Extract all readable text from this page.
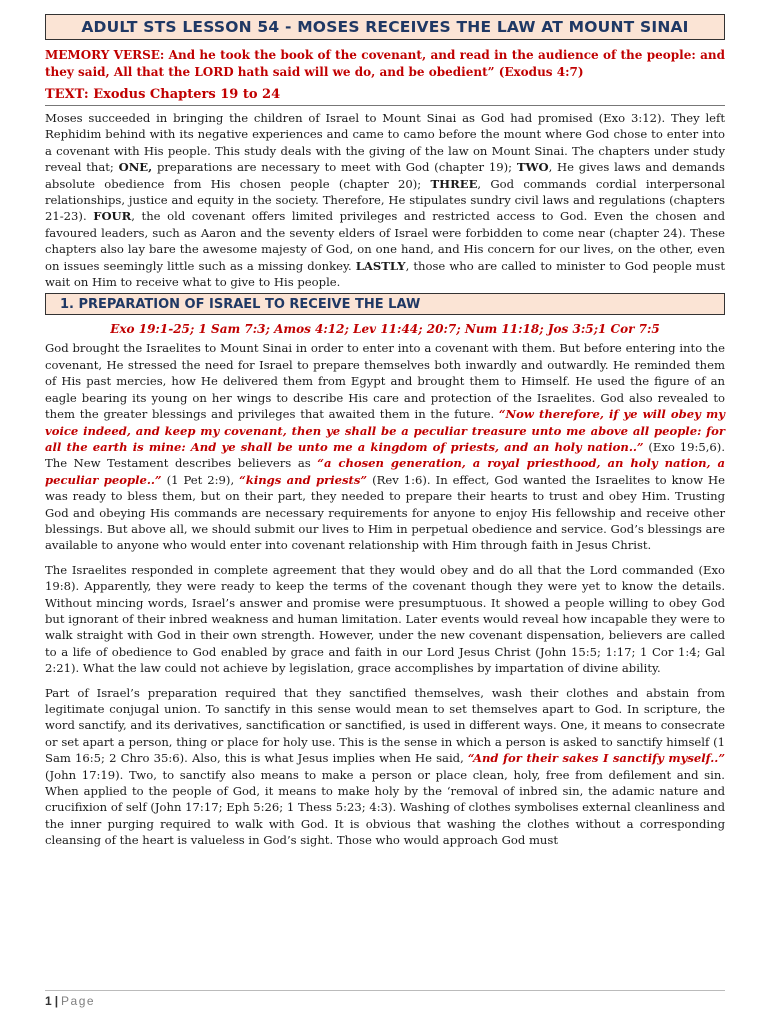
ADULT STS LESSON 54 - MOSES RECEIVES THE LAW AT MOUNT SINAI
MEMORY VERSE: And he took the book of the covenant, and read in the audience of the people: and they said, All that the LORD hath said will we do, and be obedient” (Exodus 4:7)
TEXT: Exodus Chapters 19 to 24

Moses succeeded in bringing the children of Israel to Mount Sinai as God had promised (Exo 3:12). They left Rephidim behind with its negative experiences and came to camo before the mount where God chose to enter into a covenant with His people. This study deals with the giving of the law on Mount Sinai. The chapters under study reveal that; ONE, preparations are necessary to meet with God (chapter 19); TWO, He gives laws and demands absolute obedience from His chosen people (chapter 20); THREE, God commands cordial interpersonal relationships, justice and equity in the society. Therefore, He stipulates sundry civil laws and regulations (chapters 21-23). FOUR, the old covenant offers limited privileges and restricted access to God. Even the chosen and favoured leaders, such as Aaron and the seventy elders of Israel were forbidden to come near (chapter 24). These chapters also lay bare the awesome majesty of God, on one hand, and His concern for our lives, on the other, even on issues seemingly little such as a missing donkey. LASTLY, those who are called to minister to God people must wait on Him to receive what to give to His people.

1. PREPARATION OF ISRAEL TO RECEIVE THE LAW
Exo 19:1-25; 1 Sam 7:3; Amos 4:12; Lev 11:44; 20:7; Num 11:18; Jos 3:5;1 Cor 7:5

God brought the Israelites to Mount Sinai in order to enter into a covenant with them. But before entering into the covenant, He stressed the need for Israel to prepare themselves both inwardly and outwardly. He reminded them of His past mercies, how He delivered them from Egypt and brought them to Himself. He used the figure of an eagle bearing its young on her wings to describe His care and protection of the Israelites. God also revealed to them the greater blessings and privileges that awaited them in the future. “Now therefore, if ye will obey my voice indeed, and keep my covenant, then ye shall be a peculiar treasure unto me above all people: for all the earth is mine: And ye shall be unto me a kingdom of priests, and an holy nation..” (Exo 19:5,6). The New Testament describes believers as “a chosen generation, a royal priesthood, an holy nation, a peculiar people..” (1 Pet 2:9), “kings and priests” (Rev 1:6). In effect, God wanted the Israelites to know He was ready to bless them, but on their part, they needed to prepare their hearts to trust and obey Him. Trusting God and obeying His commands are necessary requirements for anyone to enjoy His fellowship and receive other blessings. But above all, we should submit our lives to Him in perpetual obedience and service. God’s blessings are available to anyone who would enter into covenant relationship with Him through faith in Jesus Christ.

The Israelites responded in complete agreement that they would obey and do all that the Lord commanded (Exo 19:8). Apparently, they were ready to keep the terms of the covenant though they were yet to know the details. Without mincing words, Israel’s answer and promise were presumptuous. It showed a people willing to obey God but ignorant of their inbred weakness and human limitation. Later events would reveal how incapable they were to walk straight with God in their own strength. However, under the new covenant dispensation, believers are called to a life of obedience to God enabled by grace and faith in our Lord Jesus Christ (John 15:5; 1:17; 1 Cor 1:4; Gal 2:21). What the law could not achieve by legislation, grace accomplishes by impartation of divine ability.

Part of Israel’s preparation required that they sanctified themselves, wash their clothes and abstain from legitimate conjugal union. To sanctify in this sense would mean to set themselves apart to God. In scripture, the word sanctify, and its derivatives, sanctification or sanctified, is used in different ways. One, it means to consecrate or set apart a person, thing or place for holy use. This is the sense in which a person is asked to sanctify himself (1 Sam 16:5; 2 Chro 35:6). Also, this is what Jesus implies when He said, “And for their sakes I sanctify myself..” (John 17:19). Two, to sanctify also means to make a person or place clean, holy, free from defilement and sin. When applied to the people of God, it means to make holy by the ‘removal of inbred sin, the adamic nature and crucifixion of self (John 17:17; Eph 5:26; 1 Thess 5:23; 4:3). Washing of clothes symbolises external cleanliness and the inner purging required to walk with God. It is obvious that washing the clothes without a corresponding cleansing of the heart is valueless in God’s sight. Those who would approach God must

1 | Page
